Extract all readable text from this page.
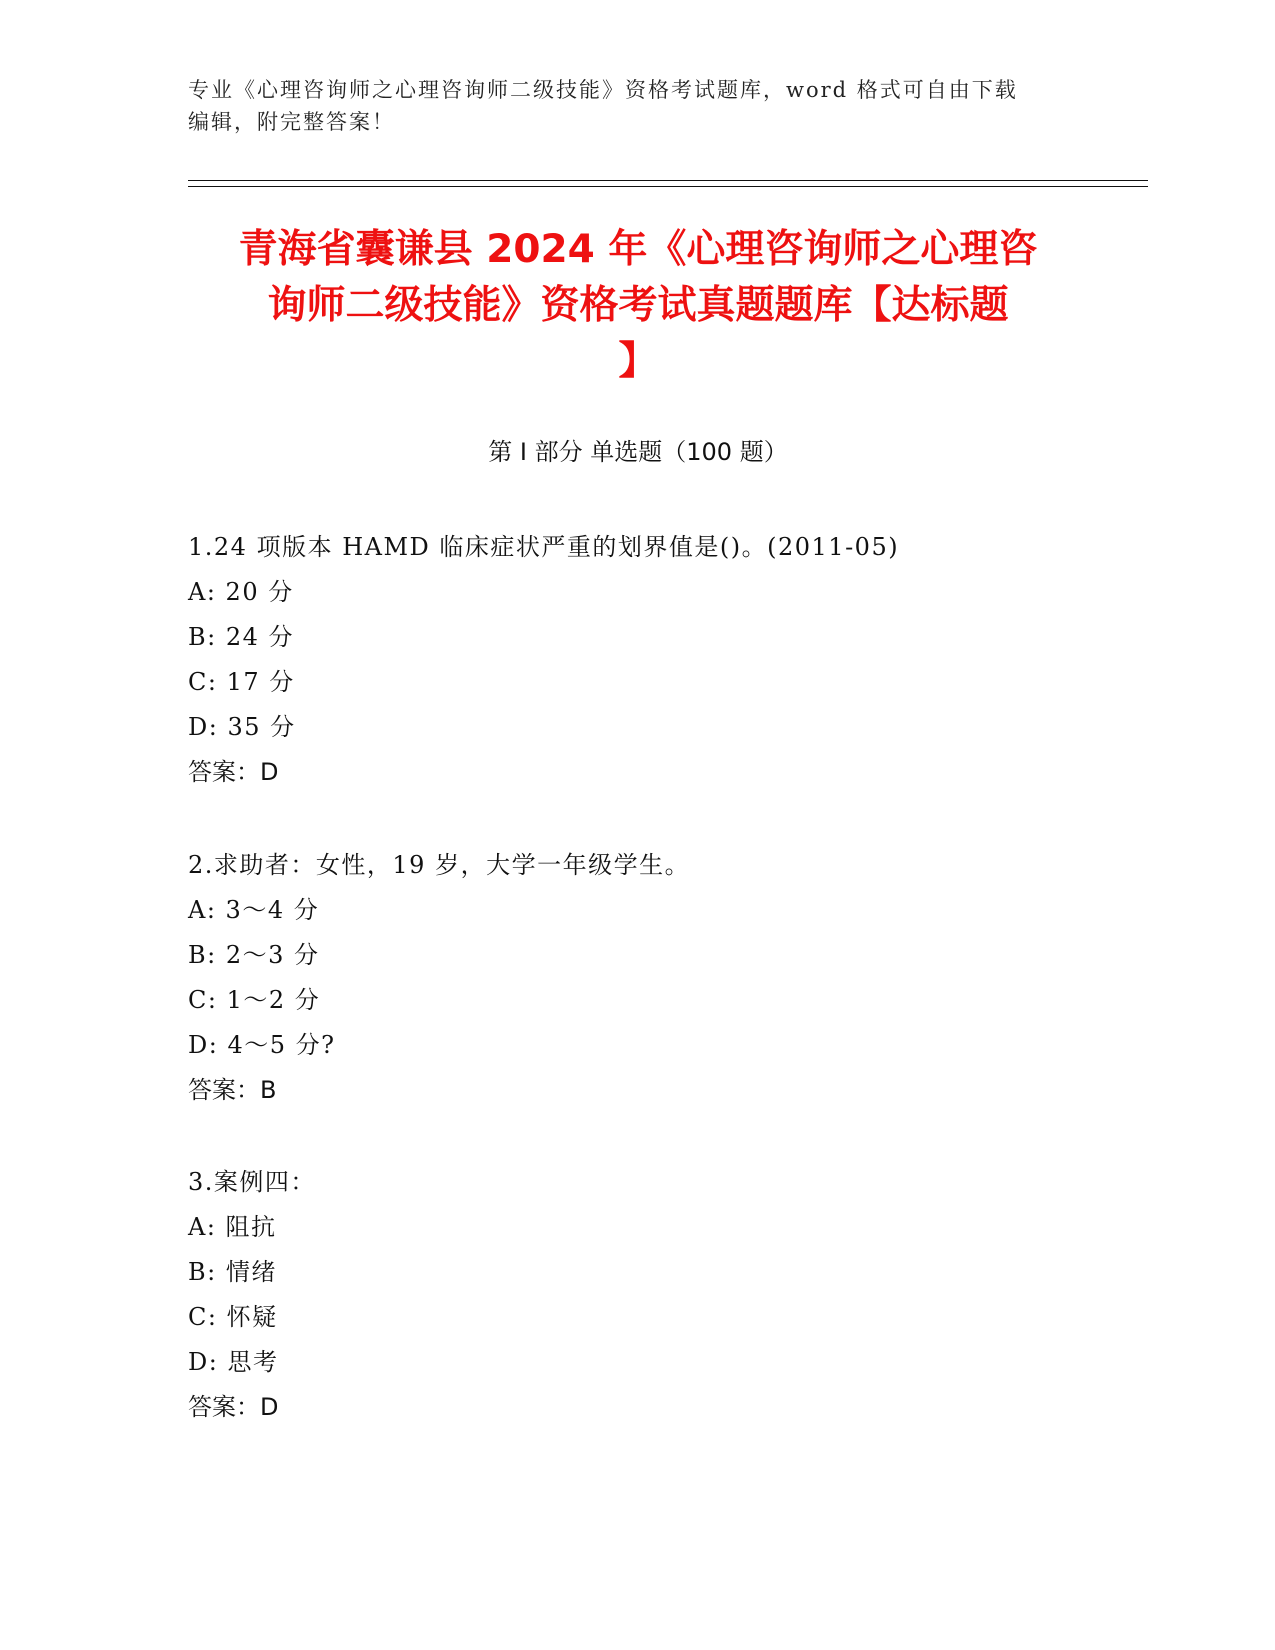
专业《心理咨询师之心理咨询师二级技能》资格考试题库，word 格式可自由下载
编辑，附完整答案！
青海省囊谦县 2024 年《心理咨询师之心理咨
询师二级技能》资格考试真题题库【达标题
】
第 I 部分 单选题（100 题）
1.24 项版本 HAMD 临床症状严重的划界值是()。(2011-05)
A: 20 分
B: 24 分
C: 17 分
D: 35 分
答案：D
2.求助者：女性，19 岁，大学一年级学生。
A: 3～4 分
B: 2～3 分
C: 1～2 分
D: 4～5 分?
答案：B
3.案例四：
A: 阻抗
B: 情绪
C: 怀疑
D: 思考
答案：D
